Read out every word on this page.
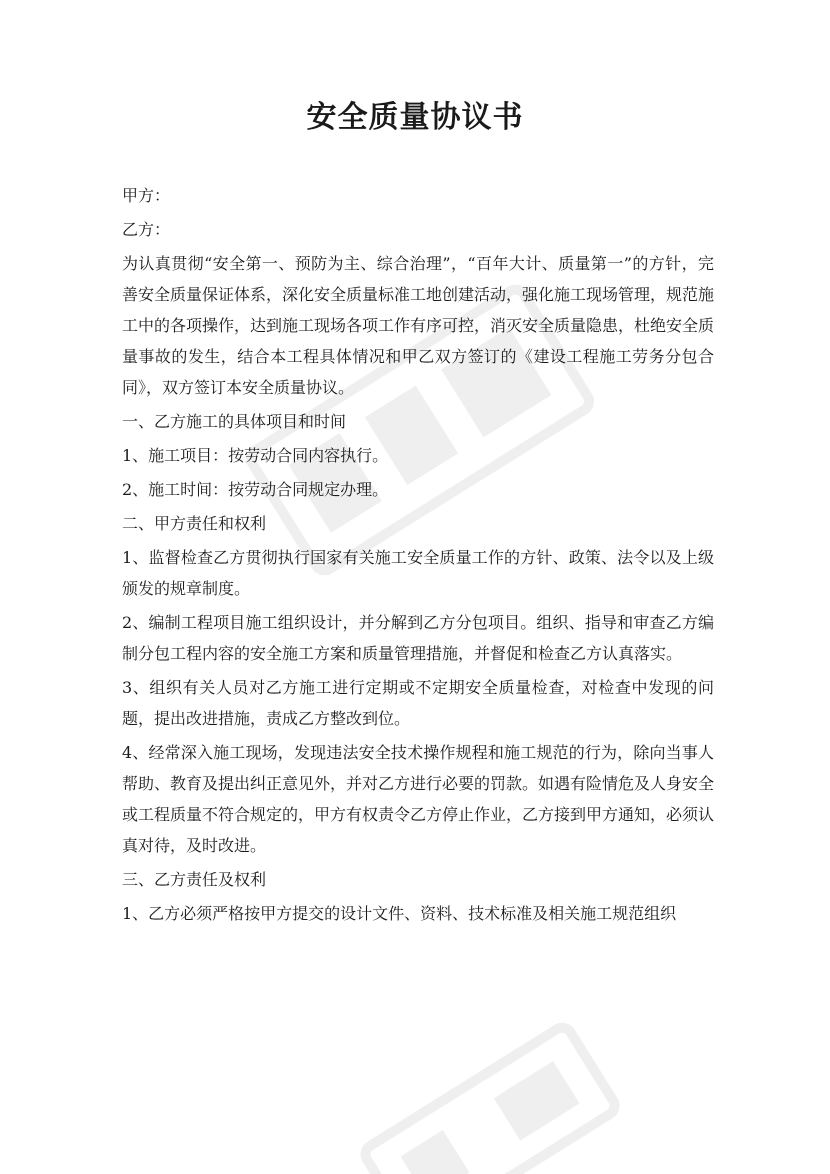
安全质量协议书

甲方：

乙方：

为认真贯彻“安全第一、预防为主、综合治理”，“百年大计、质量第一”的方针，完善安全质量保证体系，深化安全质量标准工地创建活动，强化施工现场管理，规范施工中的各项操作，达到施工现场各项工作有序可控，消灭安全质量隐患，杜绝安全质量事故的发生，结合本工程具体情况和甲乙双方签订的《建设工程施工劳务分包合同》，双方签订本安全质量协议。

一、乙方施工的具体项目和时间

1、施工项目：按劳动合同内容执行。

2、施工时间：按劳动合同规定办理。

二、甲方责任和权利

1、监督检查乙方贯彻执行国家有关施工安全质量工作的方针、政策、法令以及上级颁发的规章制度。

2、编制工程项目施工组织设计，并分解到乙方分包项目。组织、指导和审查乙方编制分包工程内容的安全施工方案和质量管理措施，并督促和检查乙方认真落实。

3、组织有关人员对乙方施工进行定期或不定期安全质量检查，对检查中发现的问题，提出改进措施，责成乙方整改到位。

4、经常深入施工现场，发现违法安全技术操作规程和施工规范的行为，除向当事人帮助、教育及提出纠正意见外，并对乙方进行必要的罚款。如遇有险情危及人身安全或工程质量不符合规定的，甲方有权责令乙方停止作业，乙方接到甲方通知，必须认真对待，及时改进。

三、乙方责任及权利

1、乙方必须严格按甲方提交的设计文件、资料、技术标准及相关施工规范组织
